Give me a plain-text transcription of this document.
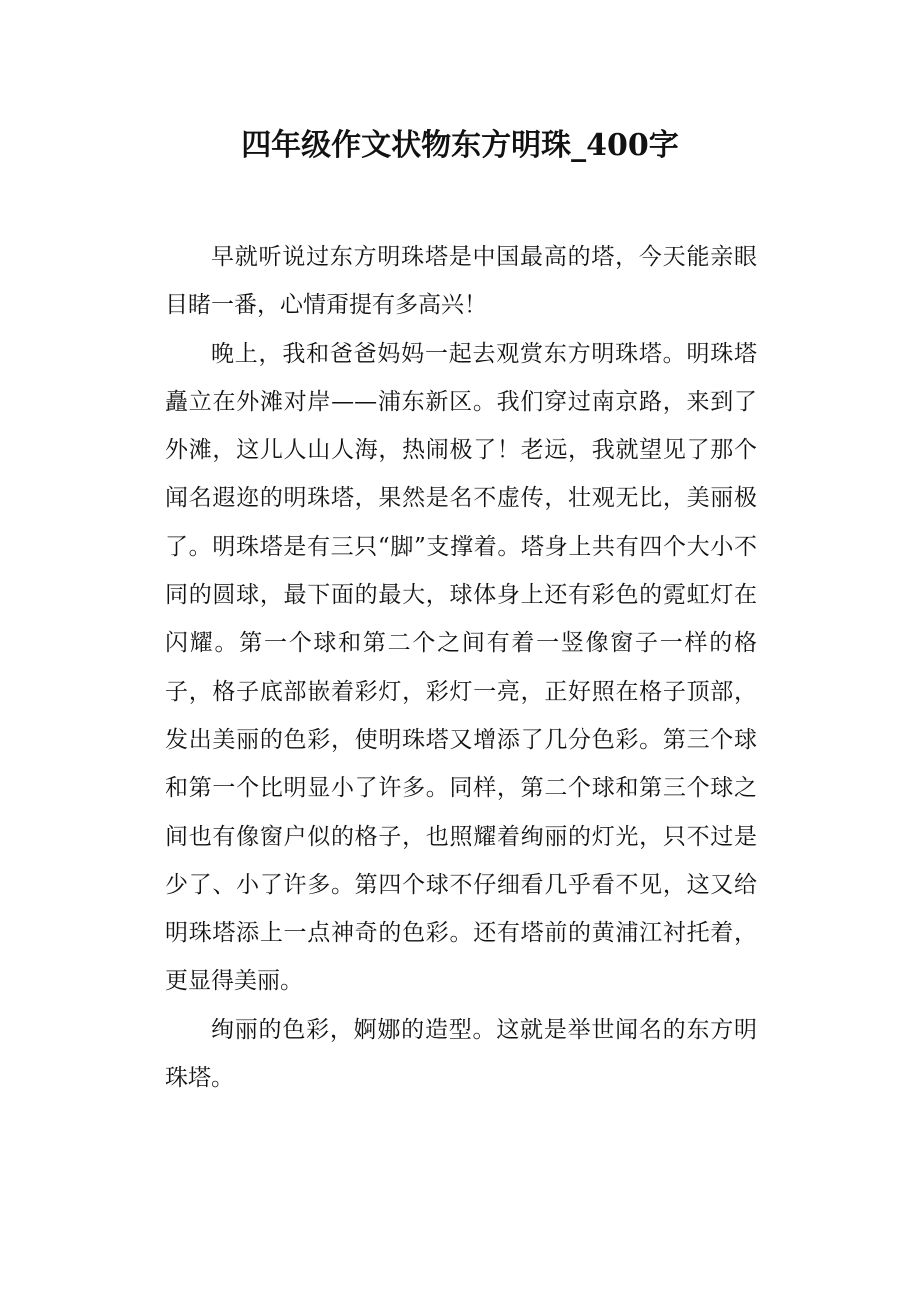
四年级作文状物东方明珠_400字

早就听说过东方明珠塔是中国最高的塔，今天能亲眼目睹一番，心情甭提有多高兴！

晚上，我和爸爸妈妈一起去观赏东方明珠塔。明珠塔矗立在外滩对岸——浦东新区。我们穿过南京路，来到了外滩，这儿人山人海，热闹极了！老远，我就望见了那个闻名遐迩的明珠塔，果然是名不虚传，壮观无比，美丽极了。明珠塔是有三只“脚”支撑着。塔身上共有四个大小不同的圆球，最下面的最大，球体身上还有彩色的霓虹灯在闪耀。第一个球和第二个之间有着一竖像窗子一样的格子，格子底部嵌着彩灯，彩灯一亮，正好照在格子顶部，发出美丽的色彩，使明珠塔又增添了几分色彩。第三个球和第一个比明显小了许多。同样，第二个球和第三个球之间也有像窗户似的格子，也照耀着绚丽的灯光，只不过是少了、小了许多。第四个球不仔细看几乎看不见，这又给明珠塔添上一点神奇的色彩。还有塔前的黄浦江衬托着，更显得美丽。

绚丽的色彩，婀娜的造型。这就是举世闻名的东方明珠塔。
